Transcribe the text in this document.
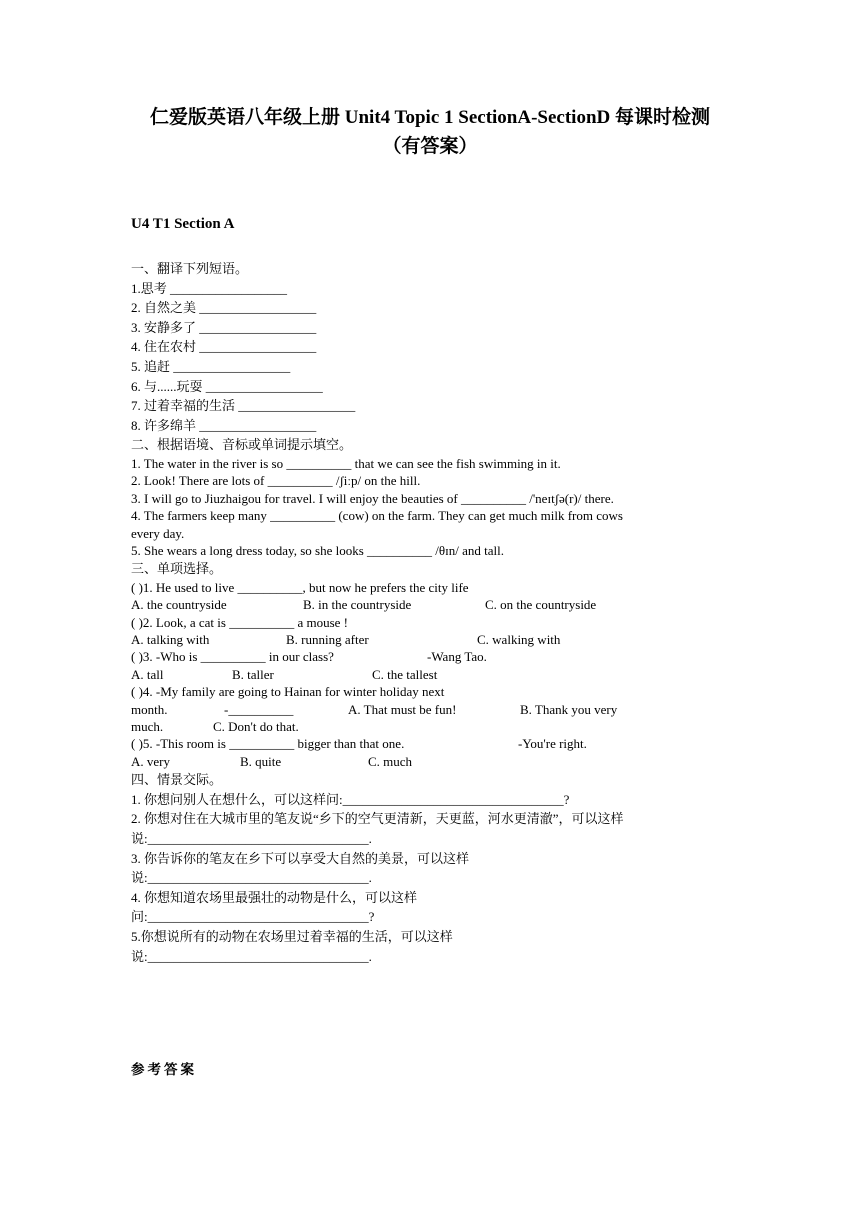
仁爱版英语八年级上册 Unit4 Topic 1 SectionA-SectionD 每课时检测
（有答案）
U4 T1 Section A
一、翻译下列短语。
1.思考 __________________
2. 自然之美 __________________
3. 安静多了 __________________
4. 住在农村 __________________
5. 追赶 __________________
6. 与......玩耍 __________________
7. 过着幸福的生活 __________________
8. 许多绵羊 __________________
二、根据语境、音标或单词提示填空。
1. The water in the river is so __________ that we can see the fish swimming in it.
2. Look! There are lots of __________ /ʃiːp/ on the hill.
3. I will go to Jiuzhaigou for travel. I will enjoy the beauties of __________ /'neɪtʃə(r)/ there.
4. The farmers keep many __________ (cow) on the farm. They can get much milk from cows
every day.
5. She wears a long dress today, so she looks __________ /θɪn/ and tall.
三、单项选择。
( )1. He used to live __________, but now he prefers the city life
A. the countryside	B. in the countryside	C. on the countryside
( )2. Look, a cat is __________ a mouse !
A. talking with	B. running after	C. walking with
( )3. -Who is __________ in our class?	-Wang Tao.
A. tall	B. taller	C. the tallest
( )4. -My family are going to Hainan for winter holiday next
month.	-__________	A. That must be fun!	B. Thank you very
much.	C. Don't do that.
( )5. -This room is __________ bigger than that one.	-You're right.
A. very	B. quite	C. much
四、情景交际。
1. 你想问别人在想什么，可以这样问:__________________________________?
2. 你想对住在大城市里的笔友说“乡下的空气更清新，天更蓝，河水更清澈”，可以这样
说:__________________________________.
3. 你告诉你的笔友在乡下可以享受大自然的美景，可以这样
说:__________________________________.
4. 你想知道农场里最强壮的动物是什么，可以这样
问:__________________________________?
5.你想说所有的动物在农场里过着幸福的生活，可以这样
说:__________________________________.
参考答案
